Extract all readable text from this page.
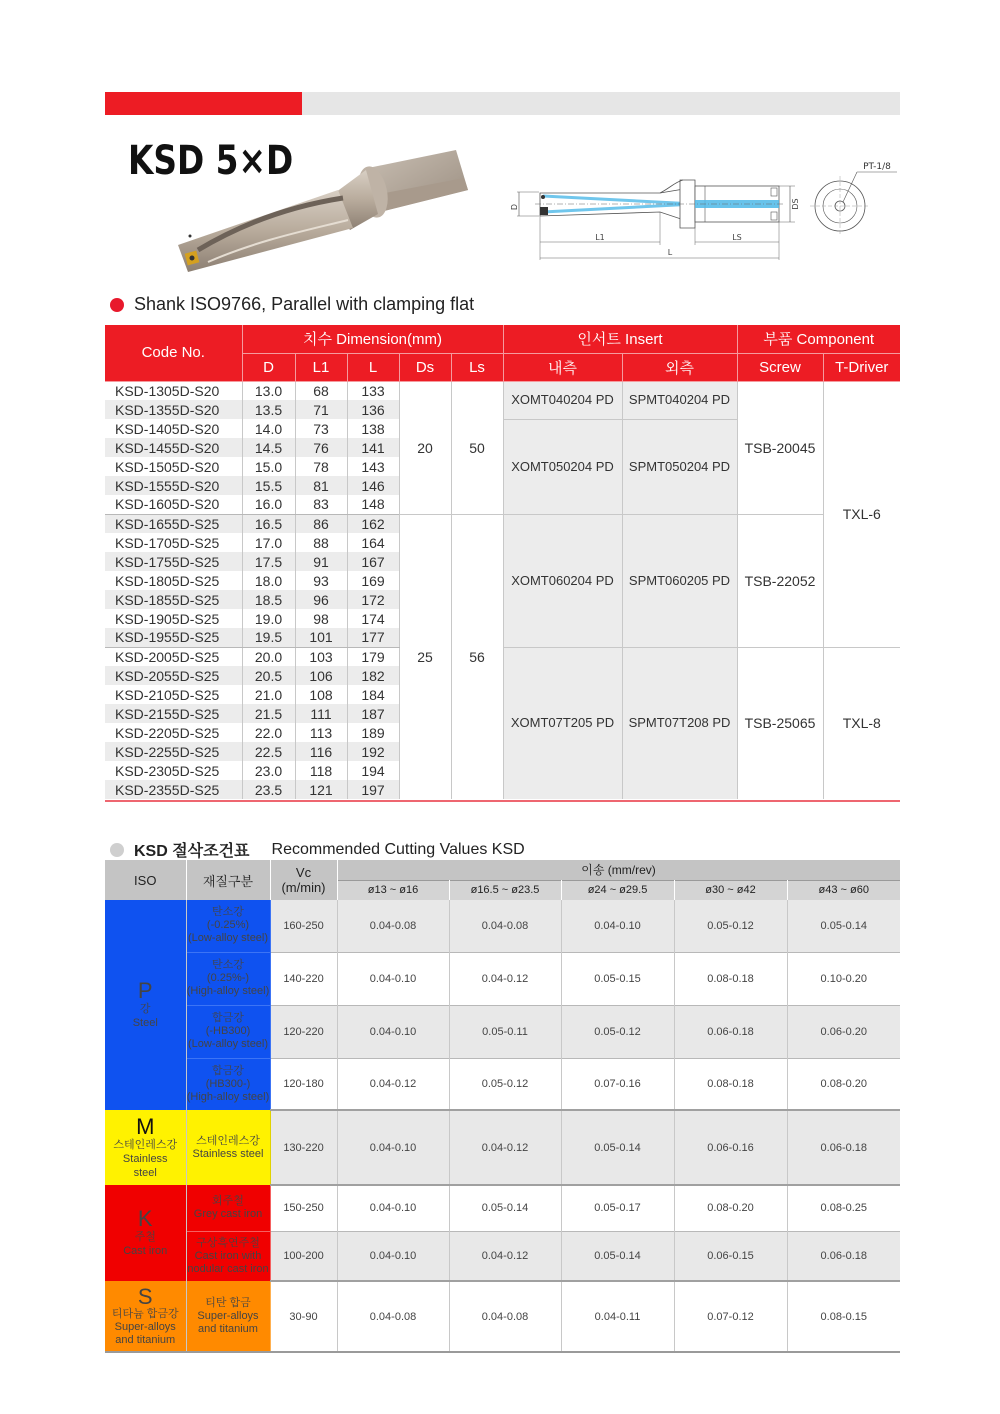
KSD 5×D
D	DS
L1	LS
L
PT-1/8
Shank ISO9766, Parallel with clamping flat
Code No.	치수 Dimension(mm)					인서트 Insert		부품 Component	
	D	L1	L	Ds	Ls	내측	외측	Screw	T-Driver
KSD-1305D-S20	13.0	68	133	20	50	XOMT040204 PD	SPMT040204 PD	TSB-20045	TXL-6
KSD-1355D-S20	13.5	71	136						
KSD-1405D-S20	14.0	73	138			XOMT050204 PD	SPMT050204 PD		
KSD-1455D-S20	14.5	76	141						
KSD-1505D-S20	15.0	78	143						
KSD-1555D-S20	15.5	81	146						
KSD-1605D-S20	16.0	83	148						
KSD-1655D-S25	16.5	86	162	25	56	XOMT060204 PD	SPMT060205 PD	TSB-22052	
KSD-1705D-S25	17.0	88	164						
KSD-1755D-S25	17.5	91	167						
KSD-1805D-S25	18.0	93	169						
KSD-1855D-S25	18.5	96	172						
KSD-1905D-S25	19.0	98	174						
KSD-1955D-S25	19.5	101	177						
KSD-2005D-S25	20.0	103	179			XOMT07T205 PD	SPMT07T208 PD	TSB-25065	TXL-8
KSD-2055D-S25	20.5	106	182						
KSD-2105D-S25	21.0	108	184						
KSD-2155D-S25	21.5	111	187						
KSD-2205D-S25	22.0	113	189						
KSD-2255D-S25	22.5	116	192						
KSD-2305D-S25	23.0	118	194						
KSD-2355D-S25	23.5	121	197						
KSD 절삭조건표 Recommended Cutting Values KSD
ISO	재질구분	Vc
(m/min)	이송 (mm/rev)				
			ø13 ~ ø16	ø16.5 ~ ø23.5	ø24 ~ ø29.5	ø30 ~ ø42	ø43 ~ ø60

P
강
Steel

탄소강
(-0.25%)
(Low-alloy steel)
	160-250	0.04-0.08	0.04-0.08	0.04-0.10	0.05-0.12	0.05-0.14

	탄소강
(0.25%-)
(High-alloy steel)	140-220	0.04-0.10	0.04-0.12	0.05-0.15	0.08-0.18	0.10-0.20

	합금강
(-HB300)
(Low-alloy steel)	120-220	0.04-0.10	0.05-0.11	0.05-0.12	0.06-0.18	0.06-0.20

	합금강
(HB300-)
(High-alloy steel)	120-180	0.04-0.12	0.05-0.12	0.07-0.16	0.08-0.18	0.08-0.20

M
스테인레스강
Stainless
steel

스테인레스강
Stainless steel	130-220	0.04-0.10	0.04-0.12	0.05-0.14	0.06-0.16	0.06-0.18

K
주철
Cast iron

회주철
Grey cast iron	150-250	0.04-0.10	0.05-0.14	0.05-0.17	0.08-0.20	0.08-0.25

	구상흑연주철
Cast iron with
nodular cast iron	100-200	0.04-0.10	0.04-0.12	0.05-0.14	0.06-0.15	0.06-0.18

S
티타늄 합금강
Super-alloys
and titanium

티탄 합금
Super-alloys
and titanium
	30-90	0.04-0.08	0.04-0.08	0.04-0.11	0.07-0.12	0.08-0.15
